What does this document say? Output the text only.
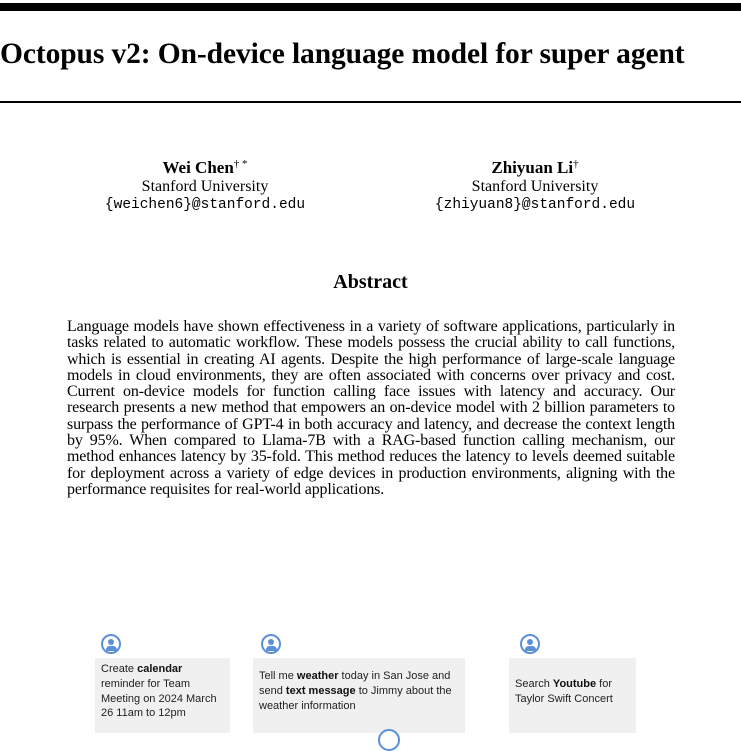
Octopus v2: On-device language model for super agent
Wei Chen† *
Stanford University
{weichen6}@stanford.edu
Zhiyuan Li†
Stanford University
{zhiyuan8}@stanford.edu
Abstract

Language models have shown effectiveness in a variety of software applications, particularly in tasks related to automatic workflow. These models possess the crucial ability to call functions, which is essential in creating AI agents. Despite the high performance of large-scale language models in cloud environments, they are often associated with concerns over privacy and cost. Current on-device models for function calling face issues with latency and accuracy. Our research presents a new method that empowers an on-device model with 2 billion parameters to surpass the performance of GPT-4 in both accuracy and latency, and decrease the context length by 95%. When compared to Llama-7B with a RAG-based function calling mechanism, our method enhances latency by 35-fold. This method reduces the latency to levels deemed suitable for deployment across a variety of edge devices in production environments, aligning with the performance requisites for real-world applications.

Create calendar reminder for Team Meeting on 2024 March 26 11am to 12pm
Tell me weather today in San Jose and send text message to Jimmy about the weather information
Search Youtube for Taylor Swift Concert
